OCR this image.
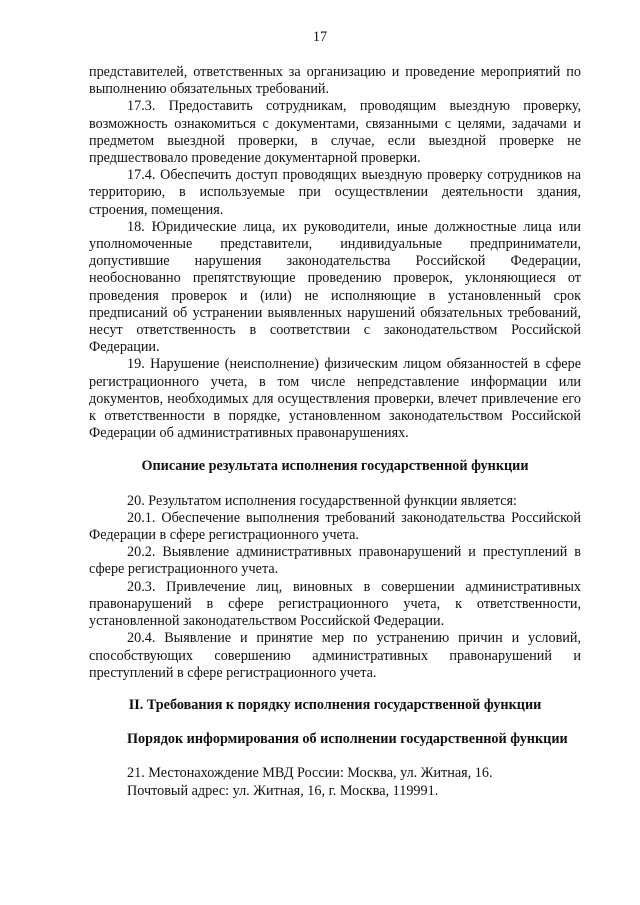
17

представителей, ответственных за организацию и проведение мероприятий по выполнению обязательных требований.

17.3. Предоставить сотрудникам, проводящим выездную проверку, возможность ознакомиться с документами, связанными с целями, задачами и предметом выездной проверки, в случае, если выездной проверке не предшествовало проведение документарной проверки.

17.4. Обеспечить доступ проводящих выездную проверку сотрудников на территорию, в используемые при осуществлении деятельности здания, строения, помещения.

18. Юридические лица, их руководители, иные должностные лица или уполномоченные представители, индивидуальные предприниматели, допустившие нарушения законодательства Российской Федерации, необоснованно препятствующие проведению проверок, уклоняющиеся от проведения проверок и (или) не исполняющие в установленный срок предписаний об устранении выявленных нарушений обязательных требований, несут ответственность в соответствии с законодательством Российской Федерации.

19. Нарушение (неисполнение) физическим лицом обязанностей в сфере регистрационного учета, в том числе непредставление информации или документов, необходимых для осуществления проверки, влечет привлечение его к ответственности в порядке, установленном законодательством Российской Федерации об административных правонарушениях.

Описание результата исполнения государственной функции

20. Результатом исполнения государственной функции является:

20.1. Обеспечение выполнения требований законодательства Российской Федерации в сфере регистрационного учета.

20.2. Выявление административных правонарушений и преступлений в сфере регистрационного учета.

20.3. Привлечение лиц, виновных в совершении административных правонарушений в сфере регистрационного учета, к ответственности, установленной законодательством Российской Федерации.

20.4. Выявление и принятие мер по устранению причин и условий, способствующих совершению административных правонарушений и преступлений в сфере регистрационного учета.

II. Требования к порядку исполнения государственной функции

Порядок информирования об исполнении государственной функции

21. Местонахождение МВД России: Москва, ул. Житная, 16.

Почтовый адрес: ул. Житная, 16, г. Москва, 119991.
